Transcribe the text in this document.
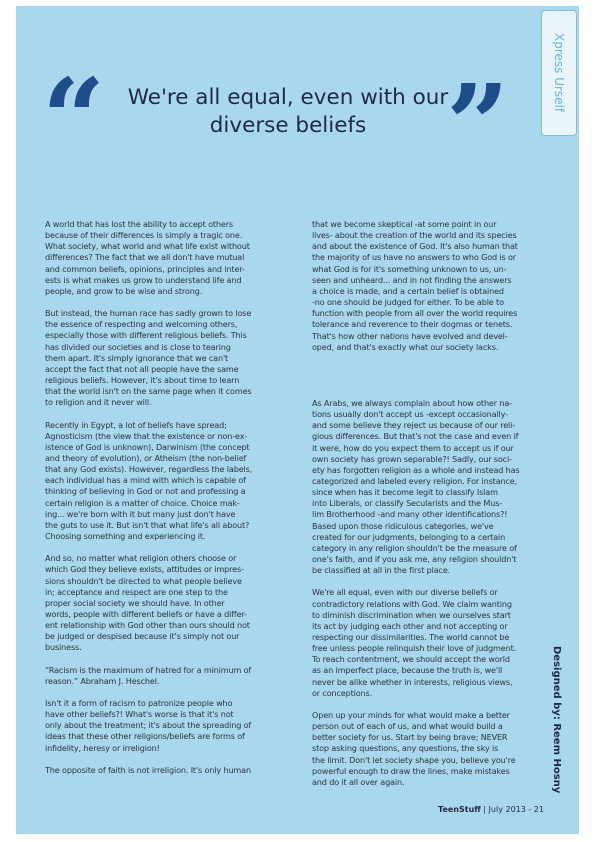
Xpress Urself
“	”
We're all equal, even with our diverse beliefs

A world that has lost the ability to accept others
because of their differences is simply a tragic one.
What society, what world and what life exist without
differences? The fact that we all don't have mutual
and common beliefs, opinions, principles and inter-
ests is what makes us grow to understand life and
people, and grow to be wise and strong.

But instead, the human race has sadly grown to lose
the essence of respecting and welcoming others,
especially those with different religious beliefs. This
has divided our societies and is close to tearing
them apart. It's simply ignorance that we can't
accept the fact that not all people have the same
religious beliefs. However, it's about time to learn
that the world isn't on the same page when it comes
to religion and it never will.

Recently in Egypt, a lot of beliefs have spread;
Agnosticism (the view that the existence or non-ex-
istence of God is unknown), Darwinism (the concept
and theory of evolution), or Atheism (the non-belief
that any God exists). However, regardless the labels,
each individual has a mind with which is capable of
thinking of believing in God or not and professing a
certain religion is a matter of choice. Choice mak-
ing... we're born with it but many just don't have
the guts to use it. But isn't that what life's all about?
Choosing something and experiencing it.

And so, no matter what religion others choose or
which God they believe exists, attitudes or impres-
sions shouldn't be directed to what people believe
in; acceptance and respect are one step to the
proper social society we should have. In other
words, people with different beliefs or have a differ-
ent relationship with God other than ours should not
be judged or despised because it's simply not our
business.

“Racism is the maximum of hatred for a minimum of
reason.” Abraham J. Heschel.

Isn't it a form of racism to patronize people who
have other beliefs?! What's worse is that it's not
only about the treatment; it's about the spreading of
ideas that these other religions/beliefs are forms of
infidelity, heresy or irreligion!

The opposite of faith is not irreligion. It's only human

that we become skeptical -at some point in our
lives- about the creation of the world and its species
and about the existence of God. It's also human that
the majority of us have no answers to who God is or
what God is for it's something unknown to us, un-
seen and unheard... and in not finding the answers
a choice is made, and a certain belief is obtained
-no one should be judged for either. To be able to
function with people from all over the world requires
tolerance and reverence to their dogmas or tenets.
That's how other nations have evolved and devel-
oped, and that's exactly what our society lacks.

As Arabs, we always complain about how other na-
tions usually don't accept us -except occasionally-
and some believe they reject us because of our reli-
gious differences. But that's not the case and even if
it were, how do you expect them to accept us if our
own society has grown separable?! Sadly, our soci-
ety has forgotten religion as a whole and instead has
categorized and labeled every religion. For instance,
since when has it become legit to classify Islam
into Liberals, or classify Secularists and the Mus-
lim Brotherhood -and many other identifications?!
Based upon those ridiculous categories, we've
created for our judgments, belonging to a certain
category in any religion shouldn't be the measure of
one's faith, and if you ask me, any religion shouldn't
be classified at all in the first place.

We're all equal, even with our diverse beliefs or
contradictory relations with God. We claim wanting
to diminish discrimination when we ourselves start
its act by judging each other and not accepting or
respecting our dissimilarities. The world cannot be
free unless people relinquish their love of judgment.
To reach contentment, we should accept the world
as an imperfect place, because the truth is, we'll
never be alike whether in interests, religious views,
or conceptions.

Open up your minds for what would make a better
person out of each of us, and what would build a
better society for us. Start by being brave; NEVER
stop asking questions, any questions, the sky is
the limit. Don't let society shape you, believe you're
powerful enough to draw the lines, make mistakes
and do it all over again.	Designed by: Reem Hosny
TeenStuff | July 2013 - 21
